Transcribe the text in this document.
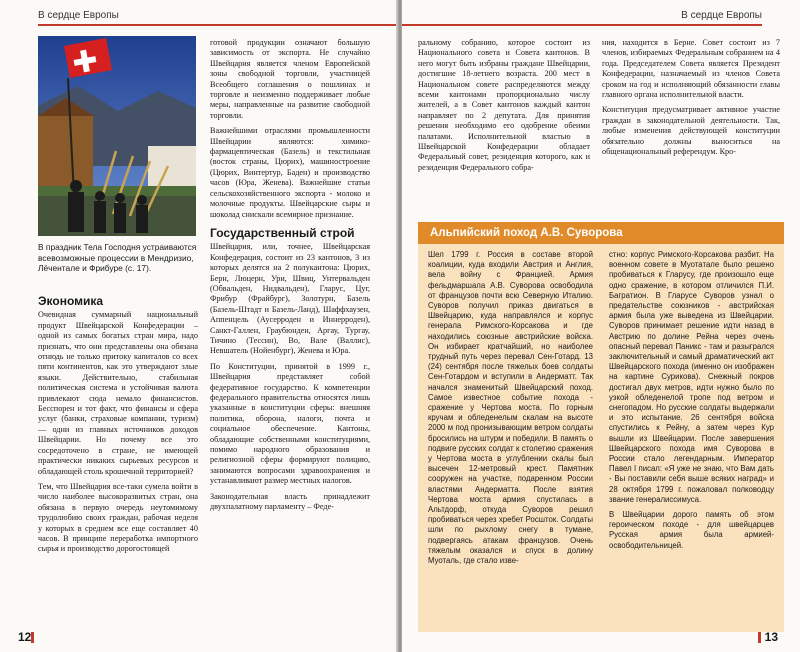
В сердце Европы
В праздник Тела Господня устраиваются всевозможные процессии в Мендризио, Лёченталe и Фрибуре (с. 17).
Экономика

Очевидная суммарный национальный продукт Швейцарской Конфедерации – одной из самых богатых стран мира, надо признать, что они представлены она обязана отнюдь не только притоку капиталов со всех пяти континентов, как это утверждают злые языки. Действительно, стабильная политическая система и устойчивая валюта привлекают сюда немало финансистов. Бесспорен и тот факт, что финансы и сфера услуг (банки, страховые компании, туризм) — одни из главных источников доходов Швейцарии. Но почему все это сосредоточено в стране, не имеющей практически никаких сырьевых ресурсов и обладающей столь крошечной территорией?

Тем, что Швейцария все-таки сумела войти в число наиболее высокоразвитых стран, она обязана в первую очередь неутомимому трудолюбию своих граждан, рабочая неделя у которых в среднем все еще составляет 40 часов. В принципе переработка импортного сырья и производство дорогостоящей

готовой продукции означают большую зависимость от экспорта. Не случайно Швейцария является членом Европейской зоны свободной торговли, участницей Всеобщего соглашения о пошлинах и торговле и неизменно поддерживает любые меры, направленные на развитие свободной торговли.

Важнейшими отраслями промышленности Швейцарии являются: химико-фармацевтическая (Базель) и текстильная (восток страны, Цюрих), машиностроение (Цюрих, Винтертур, Баден) и производство часов (Юра, Женева). Важнейшие статьи сельскохозяйственного экспорта - молоко и молочные продукты. Швейцарские сыры и шоколад снискали всемирное признание.

Государственный строй

Швейцария, или, точнее, Швейцарская Конфедерация, состоит из 23 кантонов, 3 из которых делятся на 2 полукантона: Цюрих, Берн, Люцерн, Ури, Швиц, Унтервальден (Обвальден, Нидвальден), Гларус, Цуг, Фрибур (Фрайбург), Золотурн, Базель (Базель-Штадт и Базель-Ланд), Шаффхаузен, Аппенцель (Аусерроден и Иннерроден), Санкт-Галлен, Граубюнден, Аргау, Тургау, Тичино (Тессин), Во, Вале (Валлис), Невшатель (Нойенбург), Женева и Юра.

По Конституции, принятой в 1999 г., Швейцария представляет собой федеративное государство. К компетенции федерального правительства относятся лишь указанные в конституции сферы: внешняя политика, оборона, налоги, почта и социальное обеспечение. Кантоны, обладающие собственными конституциями, помимо народного образования и религиозной сферы формируют полицию, занимаются вопросами здравоохранения и устанавливают размер местных налогов.

Законодательная власть принадлежит двухпалатному парламенту – Феде-

12
В сердце Европы

ральному собранию, которое состоит из Национального совета и Совета кантонов. В него могут быть избраны граждане Швейцарии, достигшие 18-летнего возраста. 200 мест в Национальном совете распределяются между всеми кантонами пропорционально числу жителей, а в Совет кантонов каждый кантон направляет по 2 депутата. Для принятия решения необходимо его одобрение обеими палатами. Исполнительной властью в Швейцарской Конфедерации обладает Федеральный совет, резиденция которого, как и резиденция Федерального собра-

ния, находится в Берне. Совет состоит из 7 членов, избираемых Федеральным собранием на 4 года. Председателем Совета является Президент Конфедерации, назначаемый из членов Совета сроком на год и исполняющий обязанности главы главного органа исполнительной власти.

Конституция предусматривает активное участие граждан в законодательной деятельности. Так, любые изменения действующей конституции обязательно должны выноситься на общенациональный референдум. Кро-

Альпийский поход А.В. Суворова

Шел 1799 г. Россия в составе второй коалиции, куда входили Австрия и Англия, вела войну с Францией. Армия фельдмаршала А.В. Суворова освободила от французов почти всю Северную Италию. Суворов получил приказ двигаться в Швейцарию, куда направлялся и корпус генерала Римского-Корсакова и где находились союзные австрийские войска. Он избирает кратчайший, но наиболее трудный путь через перевал Сен-Готард. 13 (24) сентября после тяжелых боев солдаты Сен-Готардом и вступили в Андерматт. Так начался знаменитый Швейцарский поход. Самое известное событие похода - сражение у Чертова моста. По горным кручам и обледенелым скалам на высоте 2000 м под пронизывающим ветром солдаты бросились на штурм и победили. В память о подвиге русских солдат к столетию сражения у Чертова моста в углублении скалы был высечен 12-метровый крест. Памятник сооружен на участке, подаренном России властями Андерматта. После взятия Чертова моста армия спустилась в Альтдорф, откуда Суворов решил пробиваться через хребет Росшток. Солдаты шли по рыхлому снегу в тумане, подвергаясь атакам французов. Очень тяжелым оказался и спуск в долину Муоталь, где стало изве-

стно: корпус Римского-Корсакова разбит. На военном совете в Муотатале было решено пробиваться к Гларусу, где произошло еще одно сражение, в котором отличился П.И. Багратион. В Гларусе Суворов узнал о предательстве союзников - австрийская армия была уже выведена из Швейцарии. Суворов принимает решение идти назад в Австрию по долине Рейна через очень опасный перевал Паникс - там и разыгрался заключительный и самый драматический акт Швейцарского похода (именно он изображен на картине Сурикова). Снежный покров достигал двух метров, идти нужно было по узкой обледенелой тропе под ветром и снегопадом. Но русские солдаты выдержали и это испытание. 26 сентября войска спустились к Рейну, а затем через Кур вышли из Швейцарии. После завершения Швейцарского похода имя Суворова в России стало легендарным. Император Павел I писал: «Я уже не знаю, что Вам дать - Вы поставили себя выше всяких наград» и 28 октября 1799 г. пожаловал полководцу звание генералиссимуса.

В Швейцарии дорого память об этом героическом походе - для швейцарцев Русская армия была армией-освободительницей.

13
